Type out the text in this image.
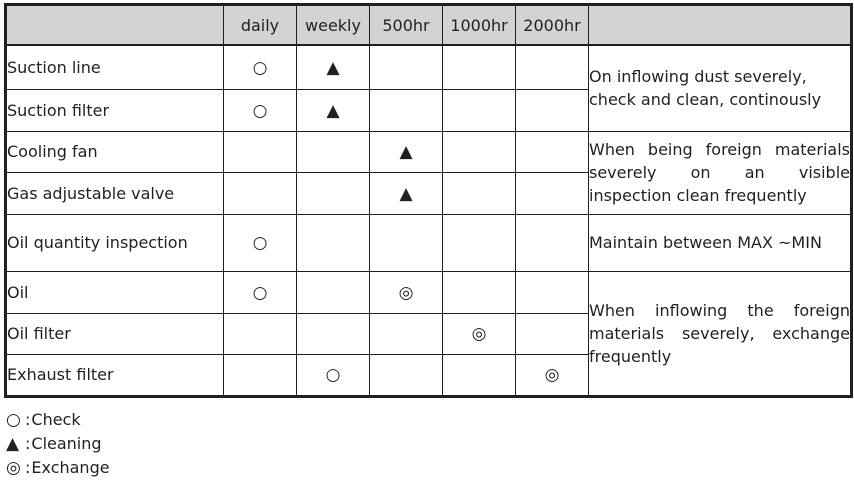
	daily	weekly	500hr	1000hr	2000hr	
Suction line	○	▲				On inflowing dust severely, check and clean, continously
Suction filter	○	▲				
Cooling fan			▲			When being foreign materials severely on an visible inspection clean frequently
Gas adjustable valve			▲			
Oil quantity inspection	○					Maintain between MAX ~MIN
Oil	○		◎			When inflowing the foreign materials severely, exchange frequently
Oil filter				◎		
Exhaust filter		○			◎	
○ : Check
▲ : Cleaning
◎ : Exchange
